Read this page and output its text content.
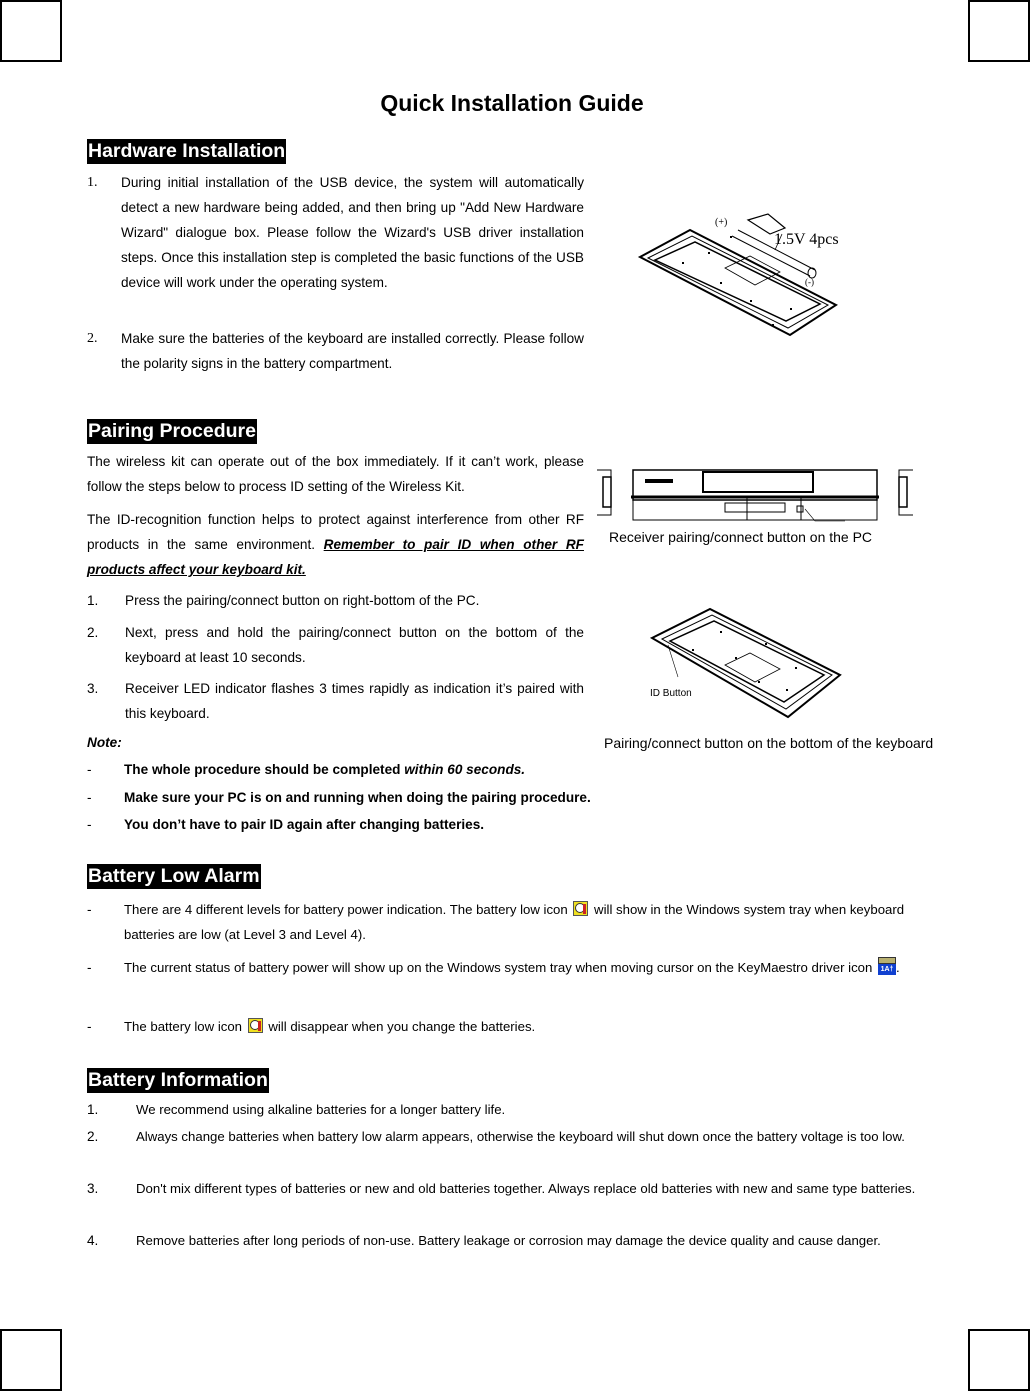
Quick Installation Guide
Hardware Installation
1. During initial installation of the USB device, the system will automatically detect a new hardware being added, and then bring up "Add New Hardware Wizard" dialogue box. Please follow the Wizard's USB driver installation steps. Once this installation step is completed the basic functions of the USB device will work under the operating system.
2. Make sure the batteries of the keyboard are installed correctly. Please follow the polarity signs in the battery compartment.
(+)
1.5V 4pcs
(-)
Pairing Procedure
The wireless kit can operate out of the box immediately. If it can’t work, please follow the steps below to process ID setting of the Wireless Kit.
The ID-recognition function helps to protect against interference from other RF products in the same environment. Remember to pair ID when other RF products affect your keyboard kit.
1. Press the pairing/connect button on right-bottom of the PC.
2. Next, press and hold the pairing/connect button on the bottom of the keyboard at least 10 seconds.
3. Receiver LED indicator flashes 3 times rapidly as indication it’s paired with this keyboard.
Note:
- The whole procedure should be completed within 60 seconds.
- Make sure your PC is on and running when doing the pairing procedure.
- You don’t have to pair ID again after changing batteries.
Receiver pairing/connect button on the PC
ID Button
Pairing/connect button on the bottom of the keyboard
Battery Low Alarm
- There are 4 different levels for battery power indication. The battery low icon  will show in the Windows system tray when keyboard batteries are low (at Level 3 and Level 4).
- The current status of battery power will show up on the Windows system tray when moving cursor on the KeyMaestro driver icon 1A† .
- The battery low icon  will disappear when you change the batteries.
Battery Information
1.	We recommend using alkaline batteries for a longer battery life.
2.	Always change batteries when battery low alarm appears, otherwise the keyboard will shut down once the battery voltage is too low.
3.	Don't mix different types of batteries or new and old batteries together. Always replace old batteries with new and same type batteries.
4.	Remove batteries after long periods of non-use. Battery leakage or corrosion may damage the device quality and cause danger.
